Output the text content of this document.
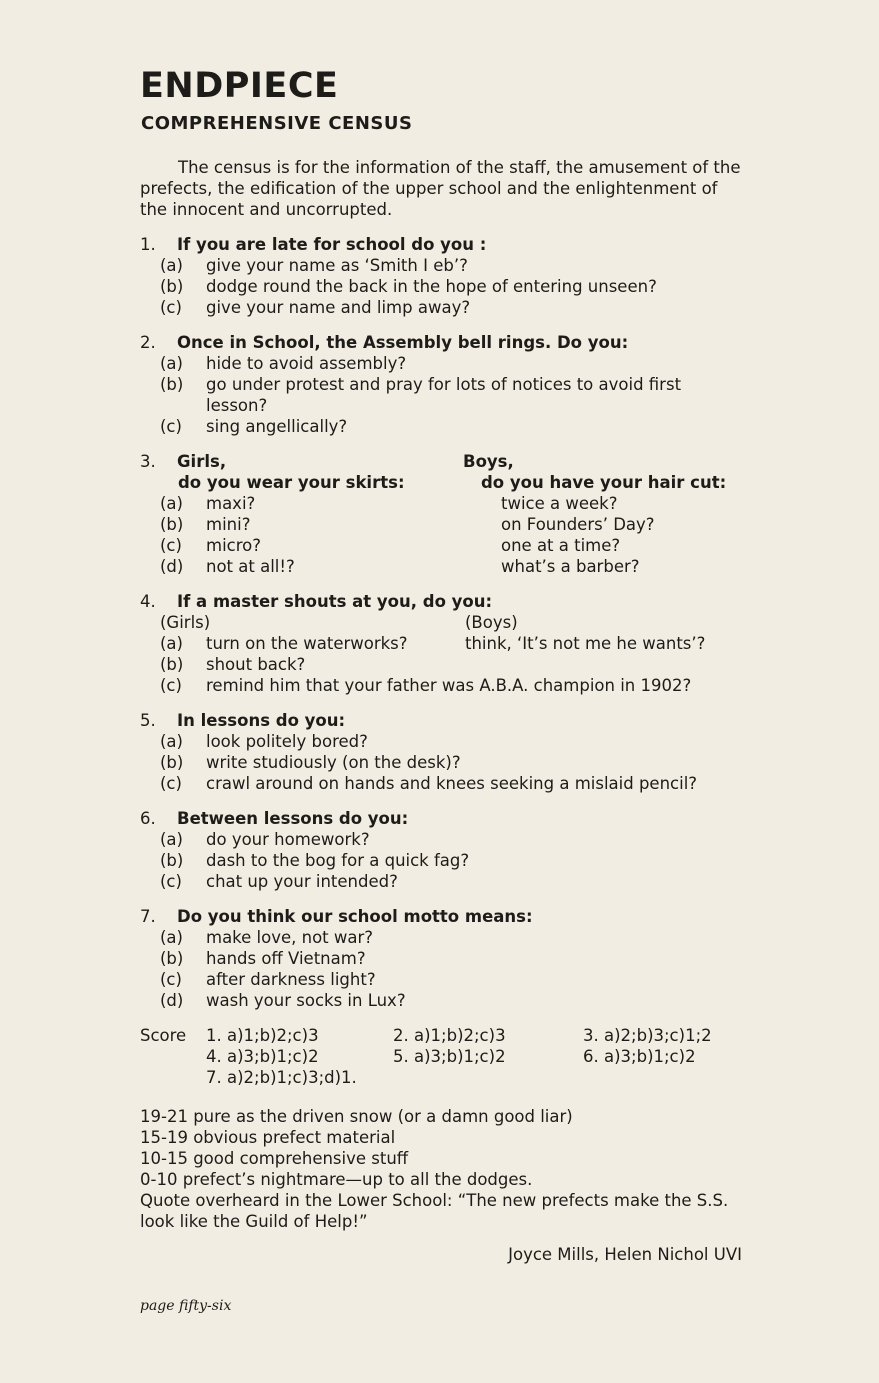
ENDPIECE
COMPREHENSIVE CENSUS

The census is for the information of the staff, the amusement of the prefects, the edification of the upper school and the enlightenment of the innocent and uncorrupted.

1.	If you are late for school do you :
(a)	give your name as ‘Smith I eb’?
(b)	dodge round the back in the hope of entering unseen?
(c)	give your name and limp away?
2.	Once in School, the Assembly bell rings. Do you:
(a)	hide to avoid assembly?
(b)	go under protest and pray for lots of notices to avoid first lesson?
(c)	sing angellically?
3.	Girls,
do you wear your skirts:
Boys,
do you have your hair cut:
(a)	maxi?	twice a week?
(b)	mini?	on Founders’ Day?
(c)	micro?	one at a time?
(d)	not at all!?	what’s a barber?
4.	If a master shouts at you, do you:
(Girls)	(Boys)
(a)	turn on the waterworks?	think, ‘It’s not me he wants’?
(b)	shout back?
(c)	remind him that your father was A.B.A. champion in 1902?
5.	In lessons do you:
(a)	look politely bored?
(b)	write studiously (on the desk)?
(c)	crawl around on hands and knees seeking a mislaid pencil?
6.	Between lessons do you:
(a)	do your homework?
(b)	dash to the bog for a quick fag?
(c)	chat up your intended?
7.	Do you think our school motto means:
(a)	make love, not war?
(b)	hands off Vietnam?
(c)	after darkness light?
(d)	wash your socks in Lux?
Score	1. a)1;b)2;c)3	2. a)1;b)2;c)3	3. a)2;b)3;c)1;2
4. a)3;b)1;c)2	5. a)3;b)1;c)2	6. a)3;b)1;c)2
7. a)2;b)1;c)3;d)1.
19-21 pure as the driven snow (or a damn good liar)
15-19 obvious prefect material
10-15 good comprehensive stuff
0-10 prefect’s nightmare—up to all the dodges.
Quote overheard in the Lower School: “The new prefects make the S.S. look like the Guild of Help!”
Joyce Mills, Helen Nichol UVI
page fifty-six
